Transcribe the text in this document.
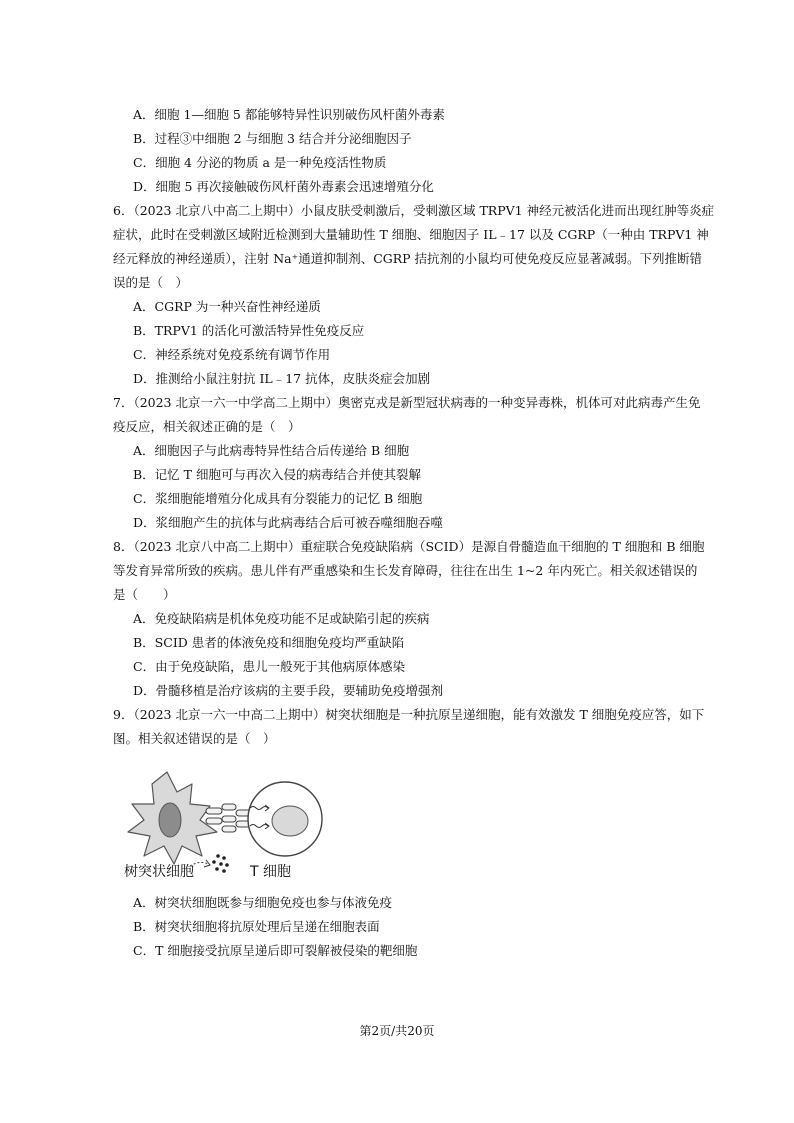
A．细胞 1—细胞 5 都能够特异性识别破伤风杆菌外毒素
B．过程③中细胞 2 与细胞 3 结合并分泌细胞因子
C．细胞 4 分泌的物质 a 是一种免疫活性物质
D．细胞 5 再次接触破伤风杆菌外毒素会迅速增殖分化
6．（2023 北京八中高二上期中）小鼠皮肤受刺激后，受刺激区域 TRPV1 神经元被活化进而出现红肿等炎症
症状，此时在受刺激区域附近检测到大量辅助性 T 细胞、细胞因子 IL﹣17 以及 CGRP（一种由 TRPV1 神
经元释放的神经递质），注射 Na⁺通道抑制剂、CGRP 拮抗剂的小鼠均可使免疫反应显著减弱。下列推断错
误的是（　）
A．CGRP 为一种兴奋性神经递质
B．TRPV1 的活化可激活特异性免疫反应
C．神经系统对免疫系统有调节作用
D．推测给小鼠注射抗 IL﹣17 抗体，皮肤炎症会加剧
7．（2023 北京一六一中学高二上期中）奥密克戎是新型冠状病毒的一种变异毒株，机体可对此病毒产生免
疫反应，相关叙述正确的是（　）
A．细胞因子与此病毒特异性结合后传递给 B 细胞
B．记忆 T 细胞可与再次入侵的病毒结合并使其裂解
C．浆细胞能增殖分化成具有分裂能力的记忆 B 细胞
D．浆细胞产生的抗体与此病毒结合后可被吞噬细胞吞噬
8．（2023 北京八中高二上期中）重症联合免疫缺陷病（SCID）是源自骨髓造血干细胞的 T 细胞和 B 细胞
等发育异常所致的疾病。患儿伴有严重感染和生长发育障碍，往往在出生 1~2 年内死亡。相关叙述错误的
是（　　）
A．免疫缺陷病是机体免疫功能不足或缺陷引起的疾病
B．SCID 患者的体液免疫和细胞免疫均严重缺陷
C．由于免疫缺陷，患儿一般死于其他病原体感染
D．骨髓移植是治疗该病的主要手段，要辅助免疫增强剂
9．（2023 北京一六一中高二上期中）树突状细胞是一种抗原呈递细胞，能有效激发 T 细胞免疫应答，如下
图。相关叙述错误的是（　）
树突状细胞	T 细胞
A．树突状细胞既参与细胞免疫也参与体液免疫
B．树突状细胞将抗原处理后呈递在细胞表面
C．T 细胞接受抗原呈递后即可裂解被侵染的靶细胞
第2页/共20页
